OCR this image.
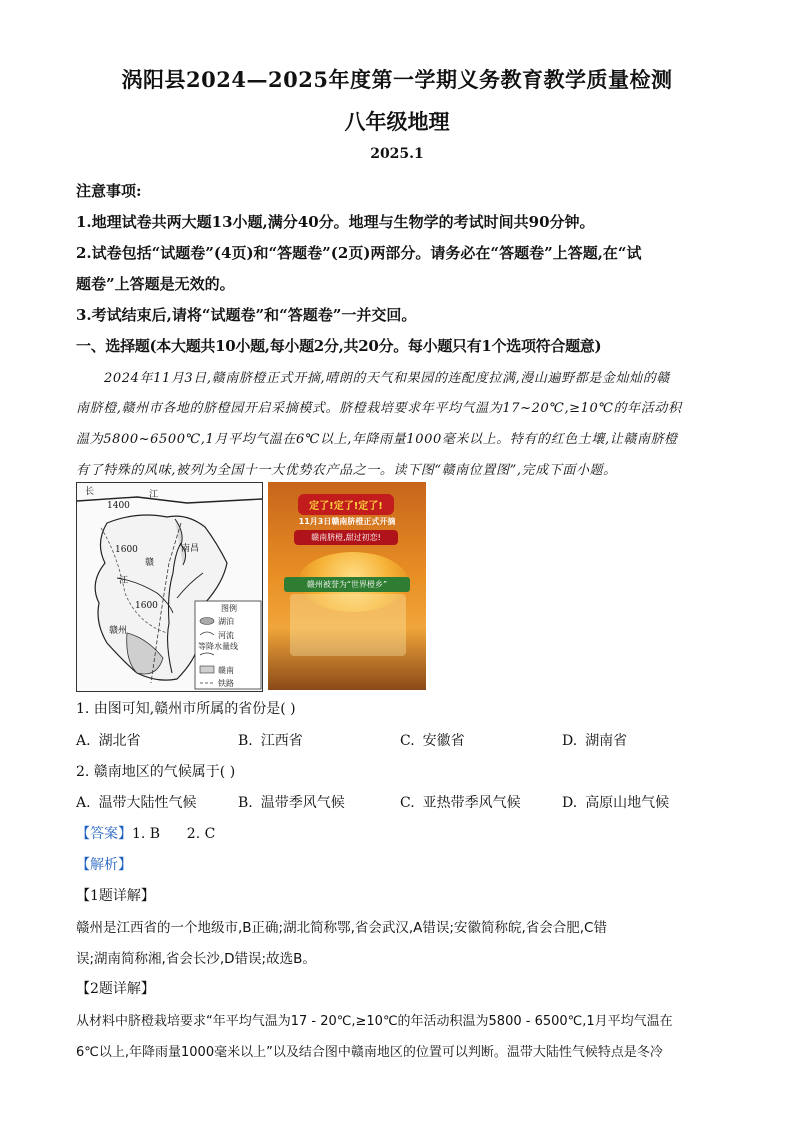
涡阳县2024—2025年度第一学期义务教育教学质量检测
八年级地理
2025.1
注意事项:
1.地理试卷共两大题13小题,满分40分。地理与生物学的考试时间共90分钟。
2.试卷包括“试题卷”(4页)和“答题卷”(2页)两部分。请务必在“答题卷”上答题,在“试
题卷”上答题是无效的。
3.考试结束后,请将“试题卷”和“答题卷”一并交回。
一、选择题(本大题共10小题,每小题2分,共20分。每小题只有1个选项符合题意)
2024年11月3日,赣南脐橙正式开摘,晴朗的天气和果园的连配度拉满,漫山遍野都是金灿灿的赣
南脐橙,赣州市各地的脐橙园开启采摘模式。脐橙栽培要求年平均气温为17~20℃,≥10℃的年活动积
温为5800~6500℃,1月平均气温在6℃以上,年降雨量1000毫米以上。特有的红色土壤,让赣南脐橙
有了特殊的风味,被列为全国十一大优势农产品之一。读下图“赣南位置图”,完成下面小题。
长	江
1400
南昌
1600
赣
江
1600
赣州
图例
湖泊
河流
等降水量线
赣南
铁路
定了!定了!定了!
11月3日赣南脐橙正式开摘
赣南脐橙,甜过初恋!
赣州被誉为“世界橙乡”
1. 由图可知,赣州市所属的省份是( )
A. 湖北省	B. 江西省	C. 安徽省	D. 湖南省
2. 赣南地区的气候属于( )
A. 温带大陆性气候	B. 温带季风气候	C. 亚热带季风气候	D. 高原山地气候
【答案】1. B      2. C
【解析】
【1题详解】
赣州是江西省的一个地级市,B正确;湖北简称鄂,省会武汉,A错误;安徽简称皖,省会合肥,C错
误;湖南简称湘,省会长沙,D错误;故选B。
【2题详解】
从材料中脐橙栽培要求“年平均气温为17 - 20℃,≥10℃的年活动积温为5800 - 6500℃,1月平均气温在
6℃以上,年降雨量1000毫米以上”以及结合图中赣南地区的位置可以判断。温带大陆性气候特点是冬冷
